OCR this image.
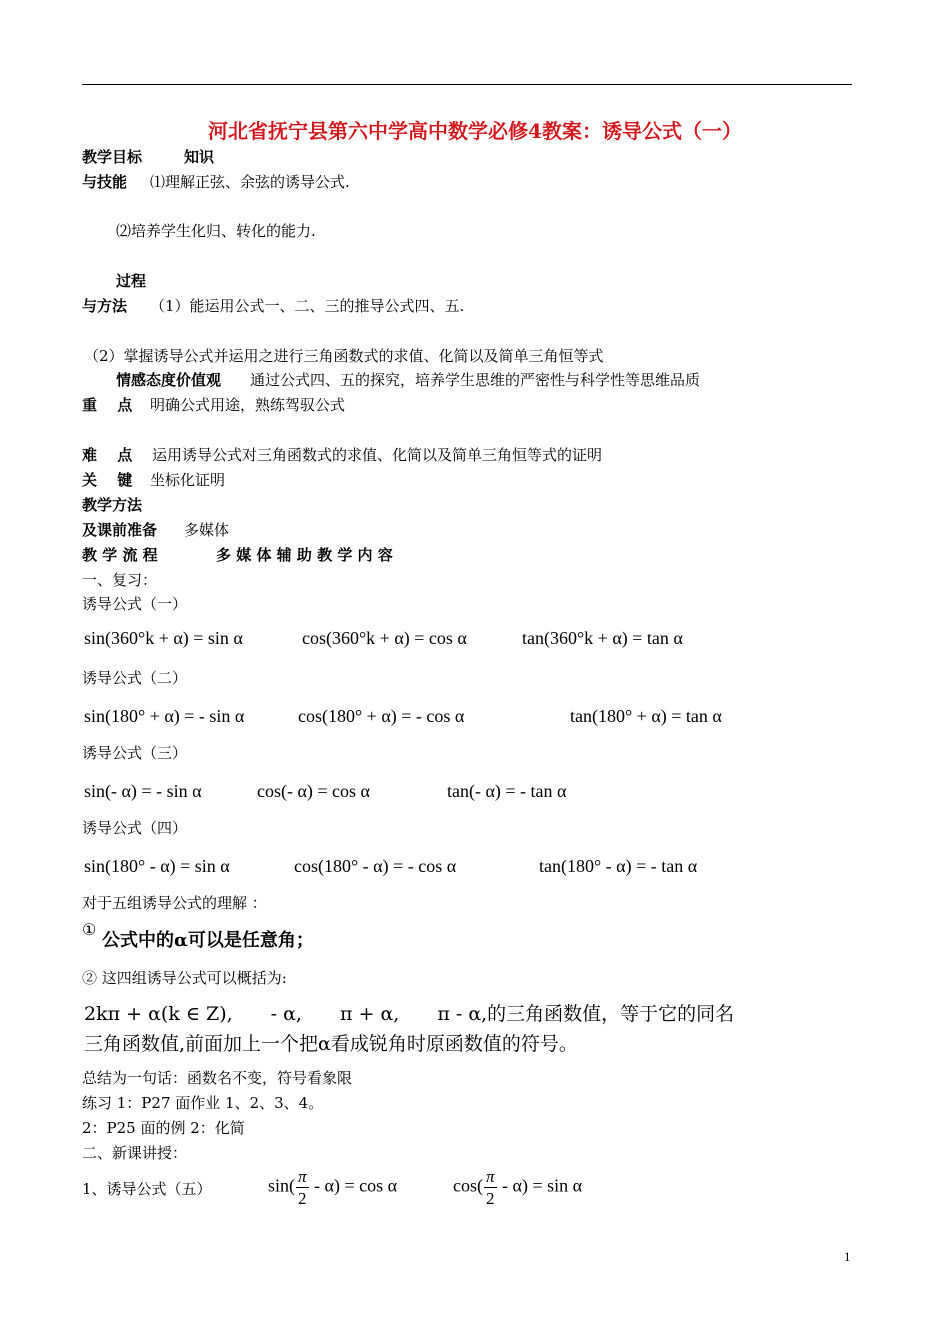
河北省抚宁县第六中学高中数学必修4教案：诱导公式（一）
教学目标	知识
与技能 ⑴理解正弦、余弦的诱导公式.
⑵培养学生化归、转化的能力.
过程
与方法 （1）能运用公式一、二、三的推导公式四、五.
（2）掌握诱导公式并运用之进行三角函数式的求值、化简以及简单三角恒等式
情感态度价值观 通过公式四、五的探究，培养学生思维的严密性与科学性等思维品质
重　 点 明确公式用途，熟练驾驭公式
难　 点 运用诱导公式对三角函数式的求值、化简以及简单三角恒等式的证明
关　 键 坐标化证明
教学方法
及课前准备 多媒体
教 学 流 程	多 媒 体 辅 助 教 学 内 容
一、复习：
诱导公式（一）
sin(360°k + α) = sin α	cos(360°k + α) = cos α	tan(360°k + α) = tan α
诱导公式（二）
sin(180° + α) = - sin α	cos(180° + α) = - cos α	tan(180° + α) = tan α
诱导公式（三）
sin(- α) = - sin α	cos(- α) = cos α	tan(- α) = - tan α
诱导公式（四）
sin(180° - α) = sin α	cos(180° - α) = - cos α	tan(180° - α) = - tan α
对于五组诱导公式的理解 ：
①
公式中的α可以是任意角；
② 这四组诱导公式可以概括为:
2kπ + α(k ∈ Z),　　- α,　　π + α,　　π - α,的三角函数值，等于它的同名
三角函数值,前面加上一个把α看成锐角时原函数值的符号。
总结为一句话：函数名不变，符号看象限
练习 1：P27 面作业 1、2、3、4。
2：P25 面的例 2：化简
二、新课讲授：
1、诱导公式（五）	$\sin( \frac{\pi}{2} - \alpha) = \cos \alpha$	$\cos( \frac{\pi}{2} - \alpha) = \sin \alpha$
1
